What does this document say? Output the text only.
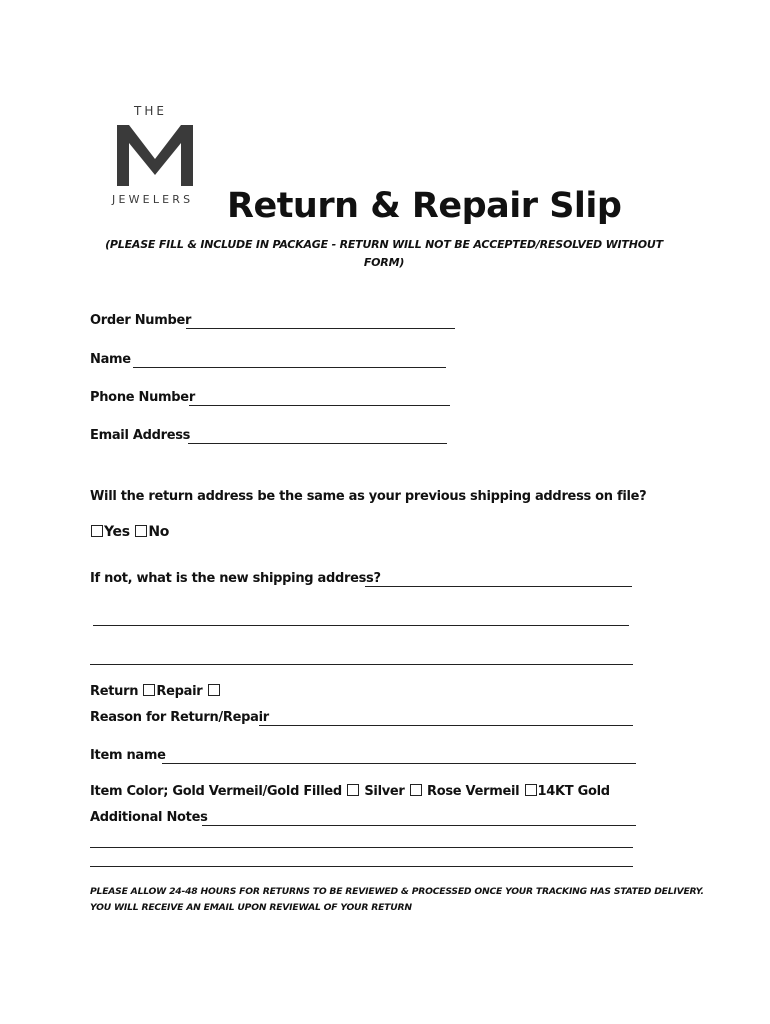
THE
JEWELERS Return & Repair Slip
(PLEASE FILL & INCLUDE IN PACKAGE - RETURN WILL NOT BE ACCEPTED/RESOLVED WITHOUT FORM)
Order Number
Name
Phone Number
Email Address
Will the return address be the same as your previous shipping address on file?
Yes No
If not, what is the new shipping address?
Return Repair
Reason for Return/Repair
Item name
Item Color; Gold Vermeil/Gold Filled Silver Rose Vermeil 14KT Gold
Additional Notes
PLEASE ALLOW 24-48 HOURS FOR RETURNS TO BE REVIEWED & PROCESSED ONCE YOUR TRACKING HAS STATED DELIVERY.
YOU WILL RECEIVE AN EMAIL UPON REVIEWAL OF YOUR RETURN
